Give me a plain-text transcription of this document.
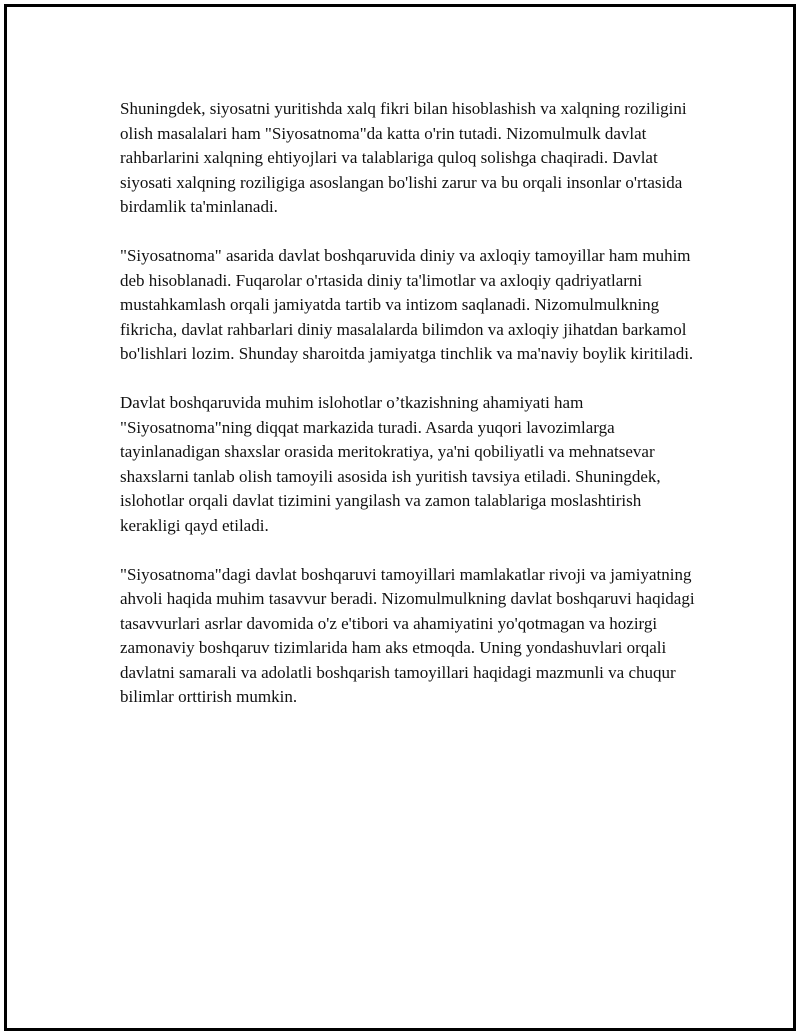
Shuningdek, siyosatni yuritishda xalq fikri bilan hisoblashish va xalqning roziligini olish masalalari ham "Siyosatnoma"da katta o'rin tutadi. Nizomulmulk davlat rahbarlarini xalqning ehtiyojlari va talablariga quloq solishga chaqiradi. Davlat siyosati xalqning roziligiga asoslangan bo'lishi zarur va bu orqali insonlar o'rtasida birdamlik ta'minlanadi.

"Siyosatnoma" asarida davlat boshqaruvida diniy va axloqiy tamoyillar ham muhim deb hisoblanadi. Fuqarolar o'rtasida diniy ta'limotlar va axloqiy qadriyatlarni mustahkamlash orqali jamiyatda tartib va intizom saqlanadi. Nizomulmulkning fikricha, davlat rahbarlari diniy masalalarda bilimdon va axloqiy jihatdan barkamol bo'lishlari lozim. Shunday sharoitda jamiyatga tinchlik va ma'naviy boylik kiritiladi.

Davlat boshqaruvida muhim islohotlar o’tkazishning ahamiyati ham "Siyosatnoma"ning diqqat markazida turadi. Asarda yuqori lavozimlarga tayinlanadigan shaxslar orasida meritokratiya, ya'ni qobiliyatli va mehnatsevar shaxslarni tanlab olish tamoyili asosida ish yuritish tavsiya etiladi. Shuningdek, islohotlar orqali davlat tizimini yangilash va zamon talablariga moslashtirish kerakligi qayd etiladi.

"Siyosatnoma"dagi davlat boshqaruvi tamoyillari mamlakatlar rivoji va jamiyatning ahvoli haqida muhim tasavvur beradi. Nizomulmulkning davlat boshqaruvi haqidagi tasavvurlari asrlar davomida o'z e'tibori va ahamiyatini yo'qotmagan va hozirgi zamonaviy boshqaruv tizimlarida ham aks etmoqda. Uning yondashuvlari orqali davlatni samarali va adolatli boshqarish tamoyillari haqidagi mazmunli va chuqur bilimlar orttirish mumkin.
